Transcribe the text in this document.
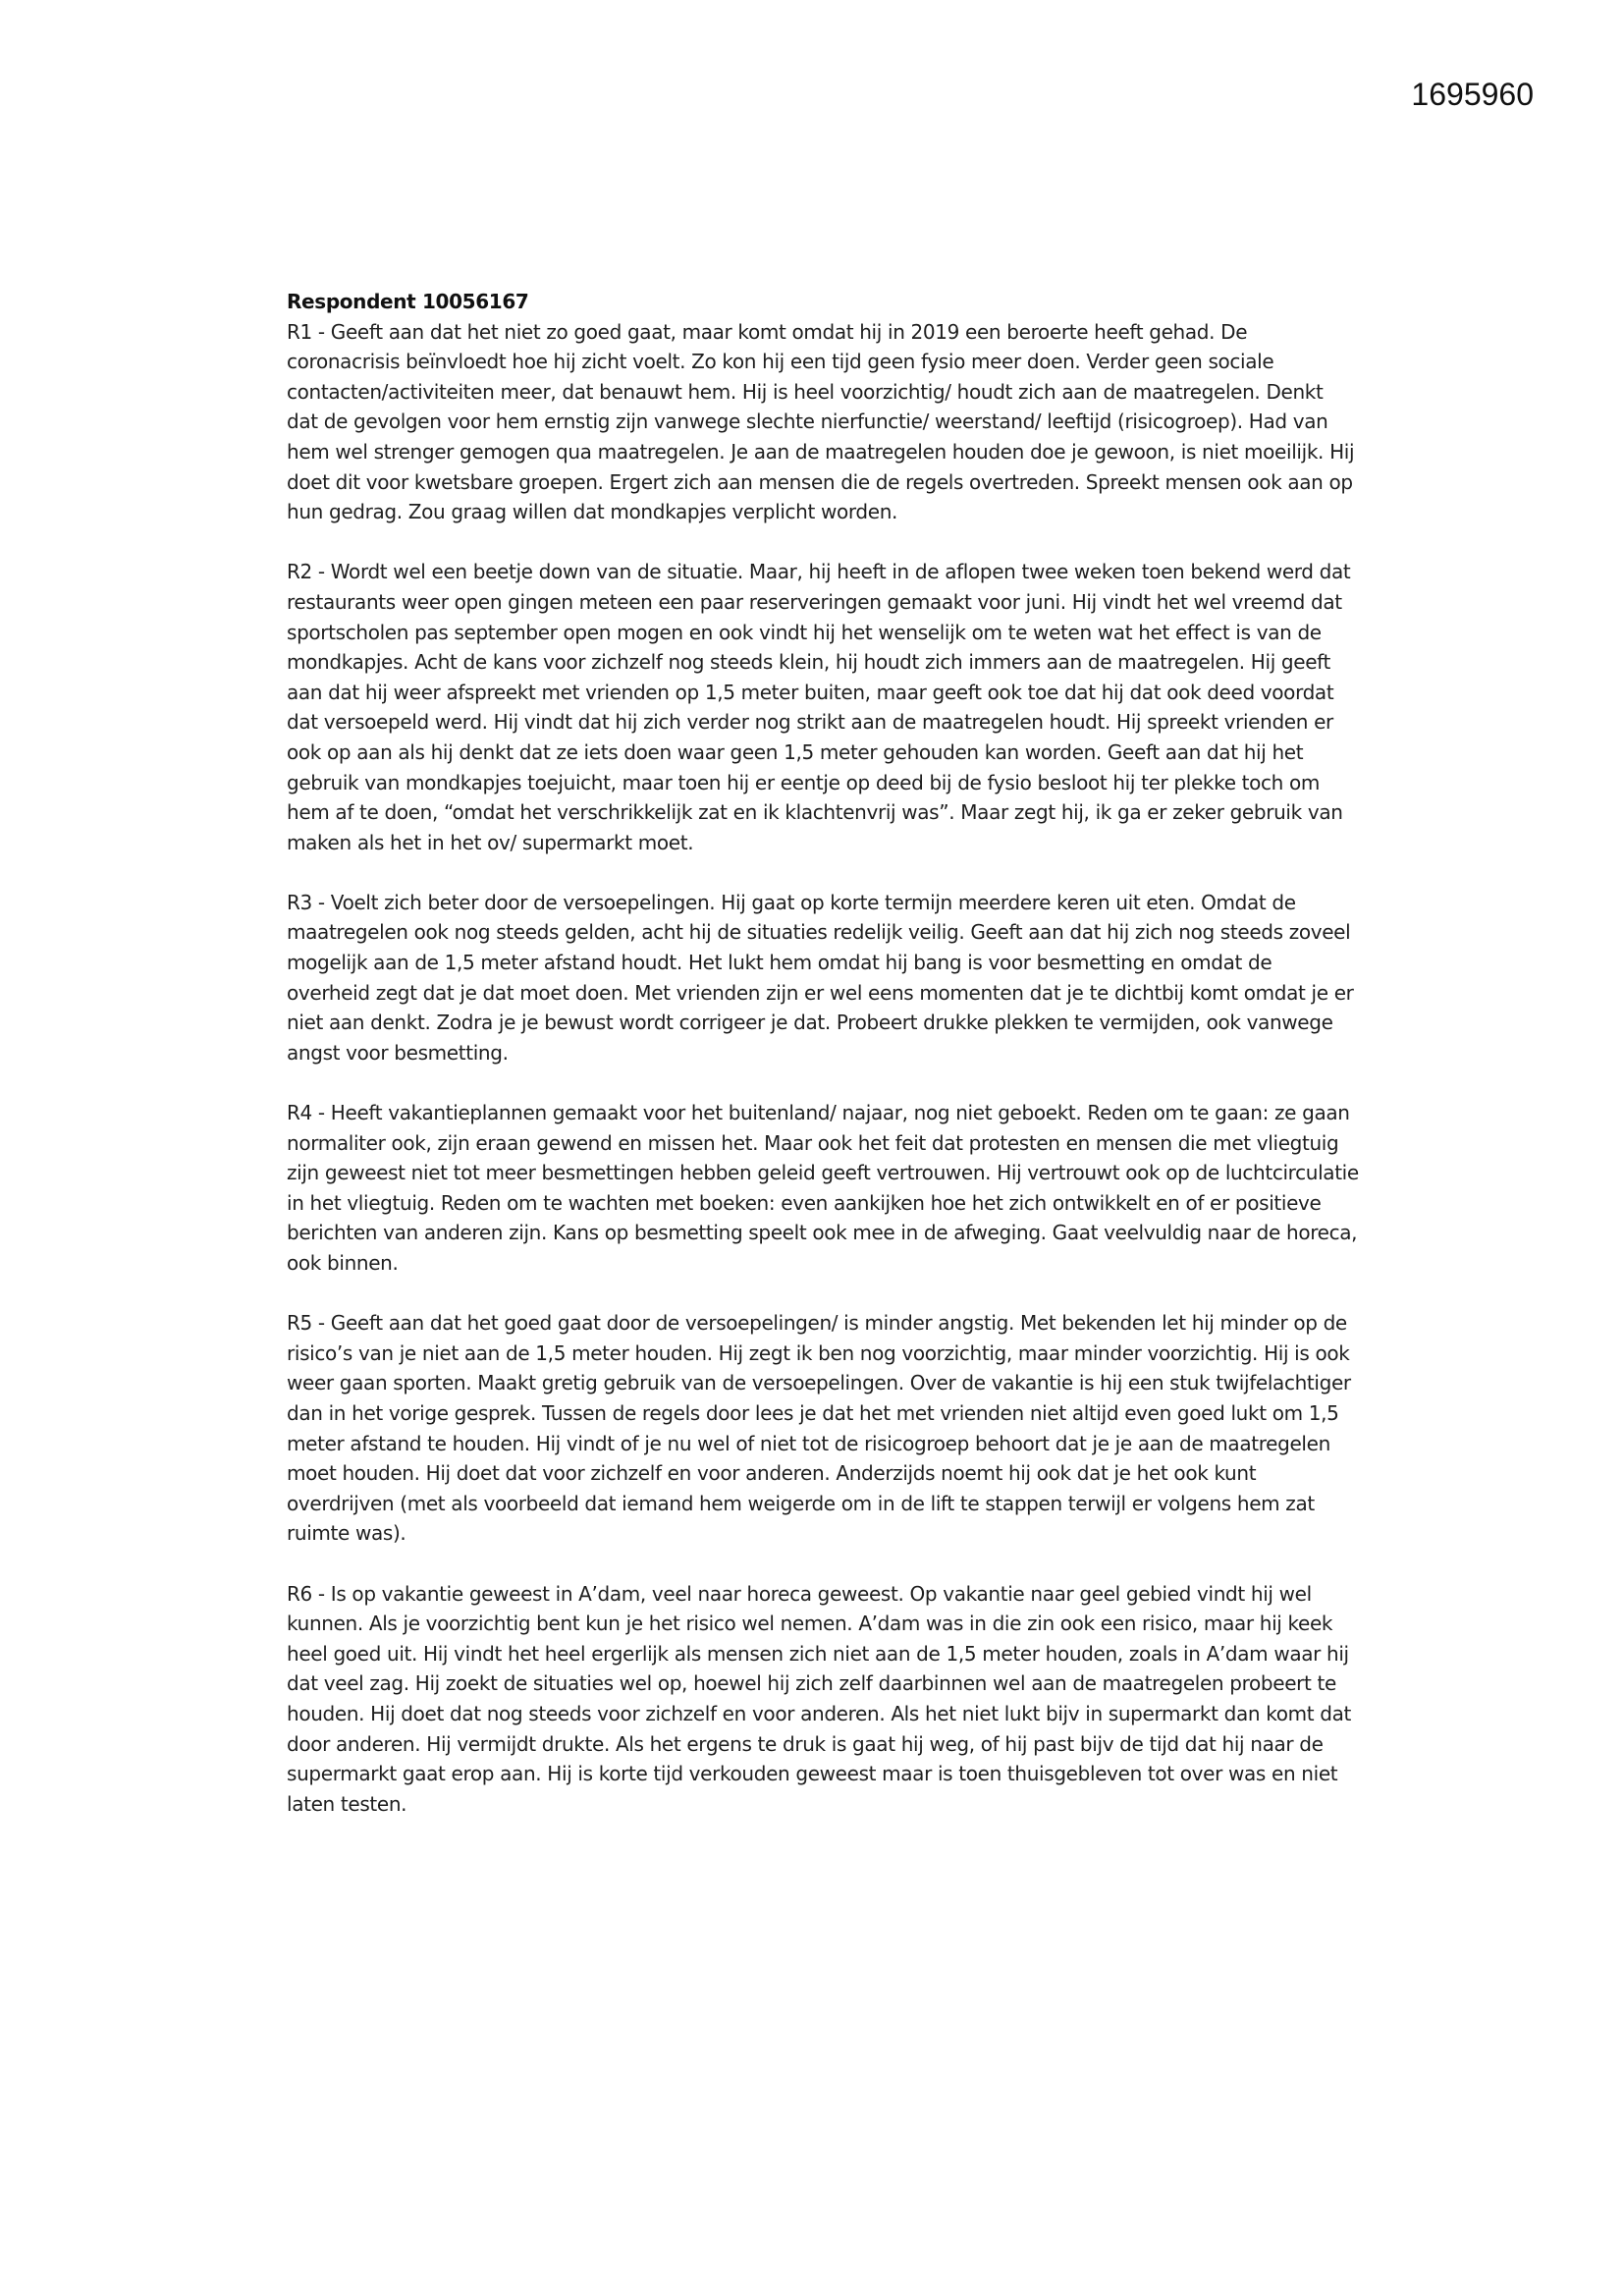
1695960

Respondent 10056167

R1 - Geeft aan dat het niet zo goed gaat, maar komt omdat hij in 2019 een beroerte heeft gehad. De coronacrisis beïnvloedt hoe hij zicht voelt. Zo kon hij een tijd geen fysio meer doen. Verder geen sociale contacten/activiteiten meer, dat benauwt hem. Hij is heel voorzichtig/ houdt zich aan de maatregelen. Denkt dat de gevolgen voor hem ernstig zijn vanwege slechte nierfunctie/ weerstand/ leeftijd (risicogroep). Had van hem wel strenger gemogen qua maatregelen. Je aan de maatregelen houden doe je gewoon, is niet moeilijk. Hij doet dit voor kwetsbare groepen. Ergert zich aan mensen die de regels overtreden. Spreekt mensen ook aan op hun gedrag. Zou graag willen dat mondkapjes verplicht worden.

R2 - Wordt wel een beetje down van de situatie. Maar, hij heeft in de aflopen twee weken toen bekend werd dat restaurants weer open gingen meteen een paar reserveringen gemaakt voor juni. Hij vindt het wel vreemd dat sportscholen pas september open mogen en ook vindt hij het wenselijk om te weten wat het effect is van de mondkapjes. Acht de kans voor zichzelf nog steeds klein, hij houdt zich immers aan de maatregelen. Hij geeft aan dat hij weer afspreekt met vrienden op 1,5 meter buiten, maar geeft ook toe dat hij dat ook deed voordat dat versoepeld werd. Hij vindt dat hij zich verder nog strikt aan de maatregelen houdt. Hij spreekt vrienden er ook op aan als hij denkt dat ze iets doen waar geen 1,5 meter gehouden kan worden. Geeft aan dat hij het gebruik van mondkapjes toejuicht, maar toen hij er eentje op deed bij de fysio besloot hij ter plekke toch om hem af te doen, “omdat het verschrikkelijk zat en ik klachtenvrij was”. Maar zegt hij, ik ga er zeker gebruik van maken als het in het ov/ supermarkt moet.

R3 - Voelt zich beter door de versoepelingen. Hij gaat op korte termijn meerdere keren uit eten. Omdat de maatregelen ook nog steeds gelden, acht hij de situaties redelijk veilig. Geeft aan dat hij zich nog steeds zoveel mogelijk aan de 1,5 meter afstand houdt. Het lukt hem omdat hij bang is voor besmetting en omdat de overheid zegt dat je dat moet doen. Met vrienden zijn er wel eens momenten dat je te dichtbij komt omdat je er niet aan denkt. Zodra je je bewust wordt corrigeer je dat. Probeert drukke plekken te vermijden, ook vanwege angst voor besmetting.

R4 - Heeft vakantieplannen gemaakt voor het buitenland/ najaar, nog niet geboekt. Reden om te gaan: ze gaan normaliter ook, zijn eraan gewend en missen het. Maar ook het feit dat protesten en mensen die met vliegtuig zijn geweest niet tot meer besmettingen hebben geleid geeft vertrouwen. Hij vertrouwt ook op de luchtcirculatie in het vliegtuig. Reden om te wachten met boeken: even aankijken hoe het zich ontwikkelt en of er positieve berichten van anderen zijn. Kans op besmetting speelt ook mee in de afweging. Gaat veelvuldig naar de horeca, ook binnen.

R5 - Geeft aan dat het goed gaat door de versoepelingen/ is minder angstig. Met bekenden let hij minder op de risico’s van je niet aan de 1,5 meter houden. Hij zegt ik ben nog voorzichtig, maar minder voorzichtig. Hij is ook weer gaan sporten. Maakt gretig gebruik van de versoepelingen. Over de vakantie is hij een stuk twijfelachtiger dan in het vorige gesprek. Tussen de regels door lees je dat het met vrienden niet altijd even goed lukt om 1,5 meter afstand te houden. Hij vindt of je nu wel of niet tot de risicogroep behoort dat je je aan de maatregelen moet houden. Hij doet dat voor zichzelf en voor anderen. Anderzijds noemt hij ook dat je het ook kunt overdrijven (met als voorbeeld dat iemand hem weigerde om in de lift te stappen terwijl er volgens hem zat ruimte was).

R6 - Is op vakantie geweest in A’dam, veel naar horeca geweest. Op vakantie naar geel gebied vindt hij wel kunnen. Als je voorzichtig bent kun je het risico wel nemen. A’dam was in die zin ook een risico, maar hij keek heel goed uit. Hij vindt het heel ergerlijk als mensen zich niet aan de 1,5 meter houden, zoals in A’dam waar hij dat veel zag. Hij zoekt de situaties wel op, hoewel hij zich zelf daarbinnen wel aan de maatregelen probeert te houden. Hij doet dat nog steeds voor zichzelf en voor anderen. Als het niet lukt bijv in supermarkt dan komt dat door anderen. Hij vermijdt drukte. Als het ergens te druk is gaat hij weg, of hij past bijv de tijd dat hij naar de supermarkt gaat erop aan. Hij is korte tijd verkouden geweest maar is toen thuisgebleven tot over was en niet laten testen.
